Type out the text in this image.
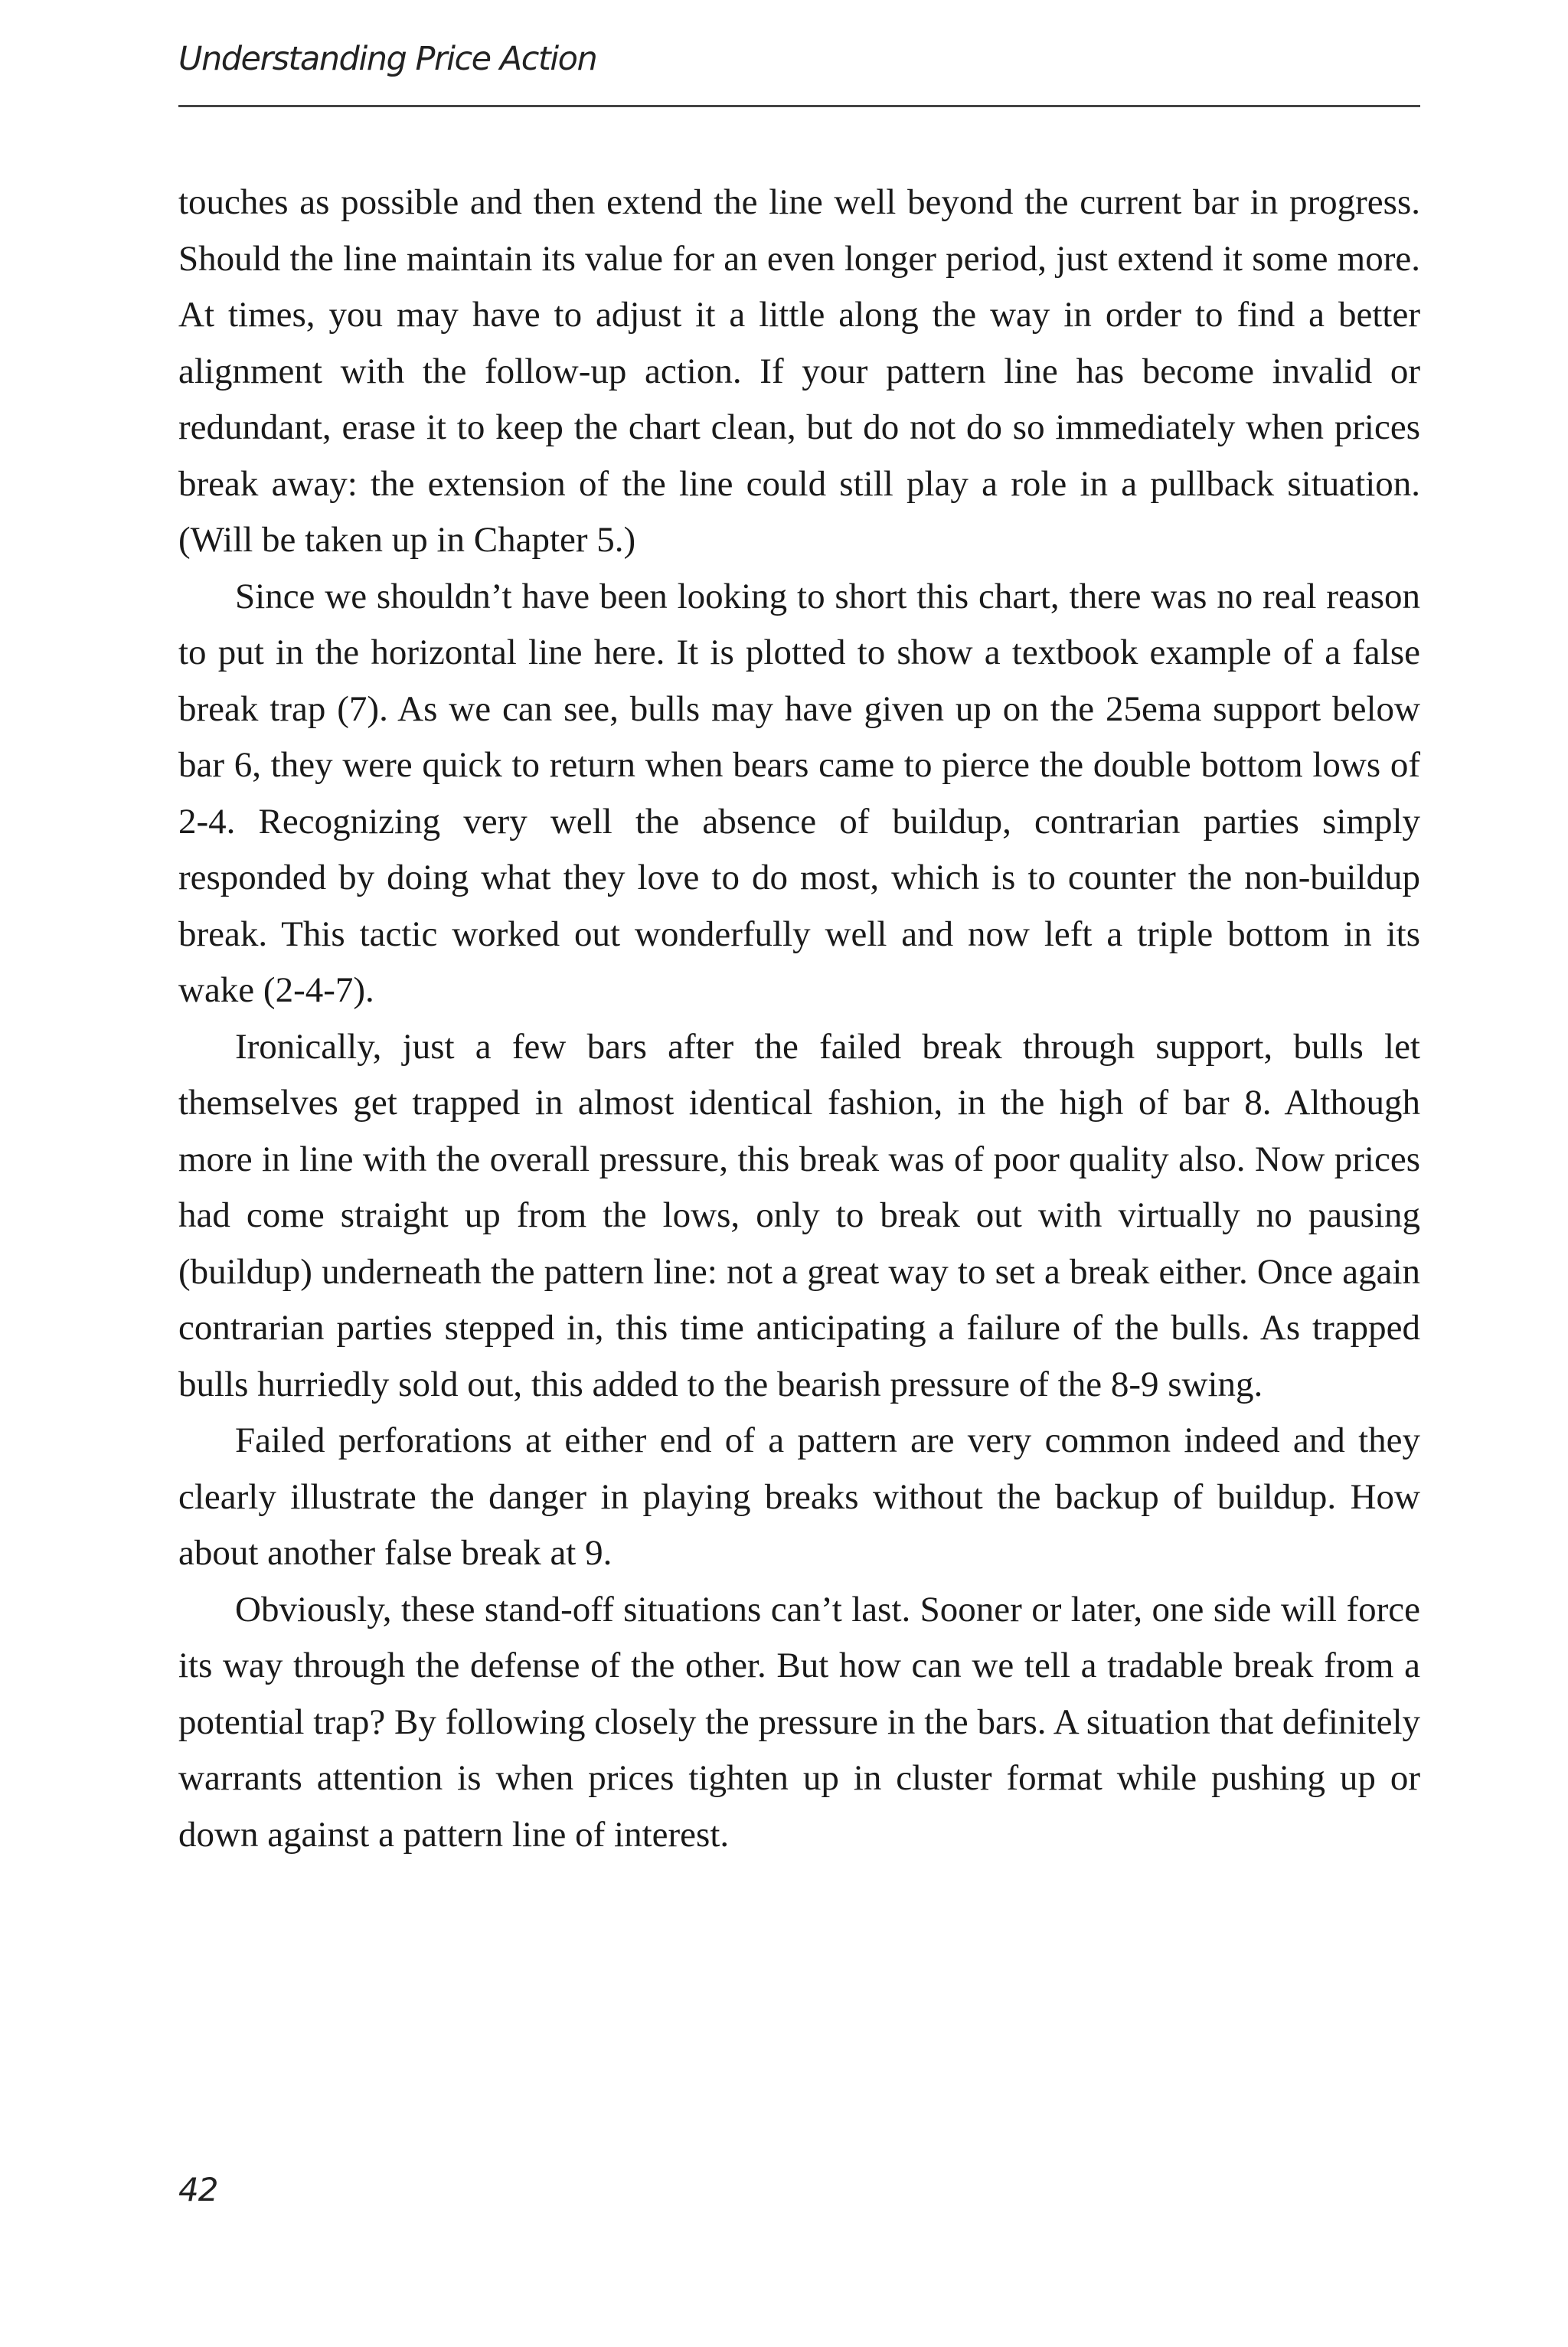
Understanding Price Action

touches as possible and then extend the line well beyond the current bar in progress. Should the line maintain its value for an even longer period, just extend it some more. At times, you may have to adjust it a little along the way in order to find a better alignment with the follow-up action. If your pattern line has become invalid or redundant, erase it to keep the chart clean, but do not do so immediately when prices break away: the extension of the line could still play a role in a pullback situation. (Will be taken up in Chapter 5.)

Since we shouldn’t have been looking to short this chart, there was no real reason to put in the horizontal line here. It is plotted to show a textbook example of a false break trap (7). As we can see, bulls may have given up on the 25ema support below bar 6, they were quick to return when bears came to pierce the double bottom lows of 2-4. Recognizing very well the absence of buildup, contrarian parties simply responded by doing what they love to do most, which is to counter the non-buildup break. This tactic worked out wonderfully well and now left a triple bottom in its wake (2-4-7).

Ironically, just a few bars after the failed break through support, bulls let themselves get trapped in almost identical fashion, in the high of bar 8. Although more in line with the overall pressure, this break was of poor quality also. Now prices had come straight up from the lows, only to break out with virtually no pausing (buildup) underneath the pattern line: not a great way to set a break either. Once again contrarian parties stepped in, this time anticipating a failure of the bulls. As trapped bulls hurriedly sold out, this added to the bearish pressure of the 8-9 swing.

Failed perforations at either end of a pattern are very common indeed and they clearly illustrate the danger in playing breaks without the backup of buildup. How about another false break at 9.

Obviously, these stand-off situations can’t last. Sooner or later, one side will force its way through the defense of the other. But how can we tell a tradable break from a potential trap? By following closely the pressure in the bars. A situation that definitely warrants attention is when prices tighten up in cluster format while pushing up or down against a pattern line of interest.

42
